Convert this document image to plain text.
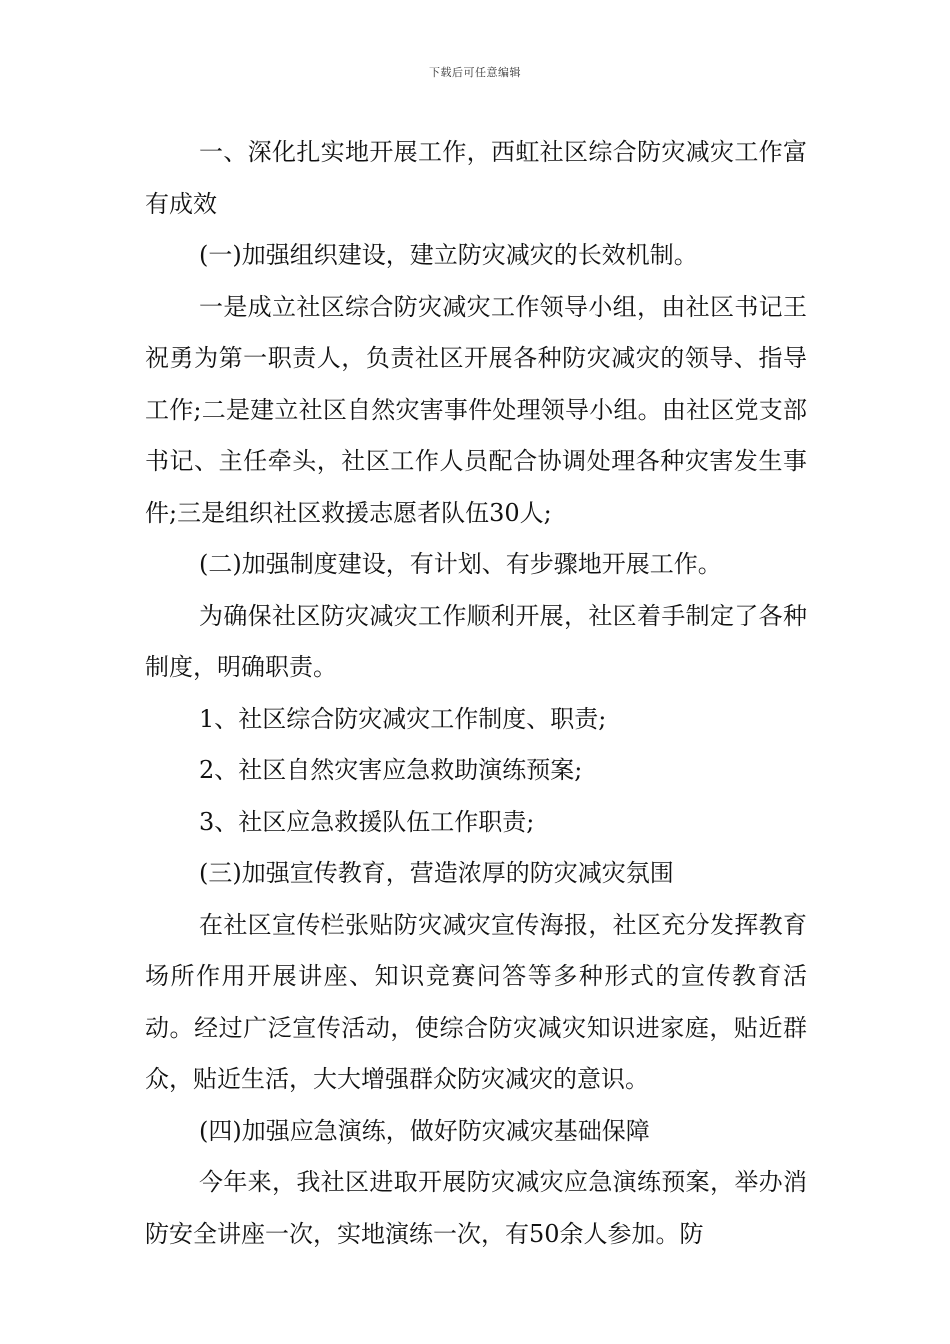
下载后可任意编辑

一、深化扎实地开展工作，西虹社区综合防灾减灾工作富有成效

(一)加强组织建设，建立防灾减灾的长效机制。

一是成立社区综合防灾减灾工作领导小组，由社区书记王祝勇为第一职责人，负责社区开展各种防灾减灾的领导、指导工作;二是建立社区自然灾害事件处理领导小组。由社区党支部书记、主任牵头，社区工作人员配合协调处理各种灾害发生事件;三是组织社区救援志愿者队伍30人;

(二)加强制度建设，有计划、有步骤地开展工作。

为确保社区防灾减灾工作顺利开展，社区着手制定了各种制度，明确职责。

1、社区综合防灾减灾工作制度、职责;

2、社区自然灾害应急救助演练预案;

3、社区应急救援队伍工作职责;

(三)加强宣传教育，营造浓厚的防灾减灾氛围

在社区宣传栏张贴防灾减灾宣传海报，社区充分发挥教育场所作用开展讲座、知识竞赛问答等多种形式的宣传教育活动。经过广泛宣传活动，使综合防灾减灾知识进家庭，贴近群众，贴近生活，大大增强群众防灾减灾的意识。

(四)加强应急演练，做好防灾减灾基础保障

今年来，我社区进取开展防灾减灾应急演练预案，举办消防安全讲座一次，实地演练一次，有50余人参加。防
